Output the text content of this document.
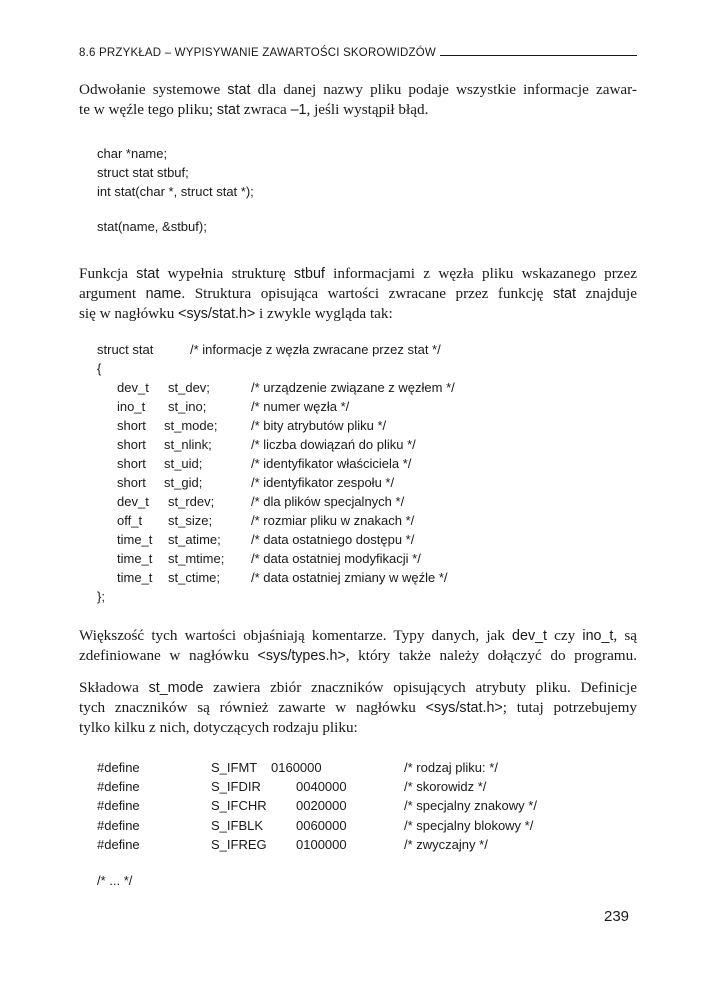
8.6 PRZYKŁAD – WYPISYWANIE ZAWARTOŚCI SKOROWIDZÓW
Odwołanie systemowe stat dla danej nazwy pliku podaje wszystkie informacje zawar-
te w węźle tego pliku; stat zwraca –1, jeśli wystąpił błąd.
char *name;
struct stat stbuf;
int stat(char *, struct stat *);
stat(name, &stbuf);
Funkcja stat wypełnia strukturę stbuf informacjami z węzła pliku wskazanego przez
argument name. Struktura opisująca wartości zwracane przez funkcję stat znajduje
się w nagłówku <sys/stat.h> i zwykle wygląda tak:
struct stat	/* informacje z węzła zwracane przez stat */
{
dev_t st_dev;	/* urządzenie związane z węzłem */
ino_t st_ino;	/* numer węzła */
short st_mode;	/* bity atrybutów pliku */
short st_nlink;	/* liczba dowiązań do pliku */
short st_uid;	/* identyfikator właściciela */
short st_gid;	/* identyfikator zespołu */
dev_t st_rdev;	/* dla plików specjalnych */
off_t st_size;	/* rozmiar pliku w znakach */
time_t st_atime; /* data ostatniego dostępu */
time_t st_mtime; /* data ostatniej modyfikacji */
time_t st_ctime; /* data ostatniej zmiany w węźle */
};
Większość tych wartości objaśniają komentarze. Typy danych, jak dev_t czy ino_t, są
zdefiniowane w nagłówku <sys/types.h>, który także należy dołączyć do programu.
Składowa st_mode zawiera zbiór znaczników opisujących atrybuty pliku. Definicje
tych znaczników są również zawarte w nagłówku <sys/stat.h>; tutaj potrzebujemy
tylko kilku z nich, dotyczących rodzaju pliku:
#define	S_IFMT 0160000	/* rodzaj pliku: */
#define	S_IFDIR	0040000	/* skorowidz */
#define	S_IFCHR 0020000	/* specjalny znakowy */
#define	S_IFBLK	0060000	/* specjalny blokowy */
#define	S_IFREG 0100000	/* zwyczajny */
/* ... */
239
